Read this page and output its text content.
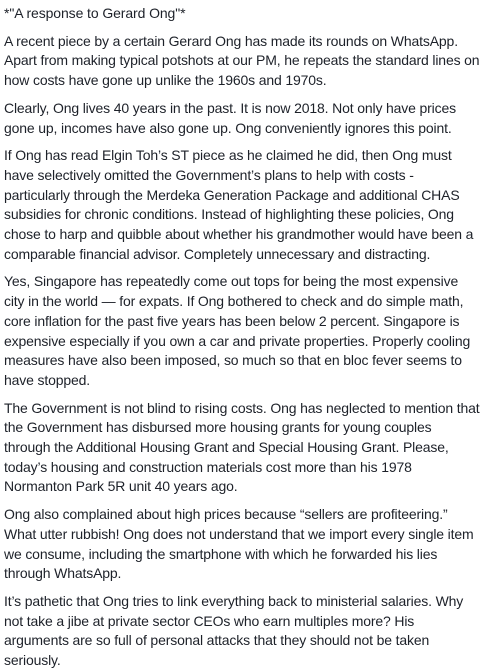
*"A response to Gerard Ong"*

A recent piece by a certain Gerard Ong has made its rounds on WhatsApp. Apart from making typical potshots at our PM, he repeats the standard lines on how costs have gone up unlike the 1960s and 1970s.

Clearly, Ong lives 40 years in the past. It is now 2018. Not only have prices gone up, incomes have also gone up. Ong conveniently ignores this point.

If Ong has read Elgin Toh’s ST piece as he claimed he did, then Ong must have selectively omitted the Government’s plans to help with costs - particularly through the Merdeka Generation Package and additional CHAS subsidies for chronic conditions. Instead of highlighting these policies, Ong chose to harp and quibble about whether his grandmother would have been a comparable financial advisor. Completely unnecessary and distracting.

Yes, Singapore has repeatedly come out tops for being the most expensive city in the world — for expats. If Ong bothered to check and do simple math, core inflation for the past five years has been below 2 percent. Singapore is expensive especially if you own a car and private properties. Properly cooling measures have also been imposed, so much so that en bloc fever seems to have stopped.

The Government is not blind to rising costs. Ong has neglected to mention that the Government has disbursed more housing grants for young couples through the Additional Housing Grant and Special Housing Grant. Please, today’s housing and construction materials cost more than his 1978 Normanton Park 5R unit 40 years ago.

Ong also complained about high prices because “sellers are profiteering.” What utter rubbish! Ong does not understand that we import every single item we consume, including the smartphone with which he forwarded his lies through WhatsApp.

It’s pathetic that Ong tries to link everything back to ministerial salaries. Why not take a jibe at private sector CEOs who earn multiples more? His arguments are so full of personal attacks that they should not be taken seriously.
